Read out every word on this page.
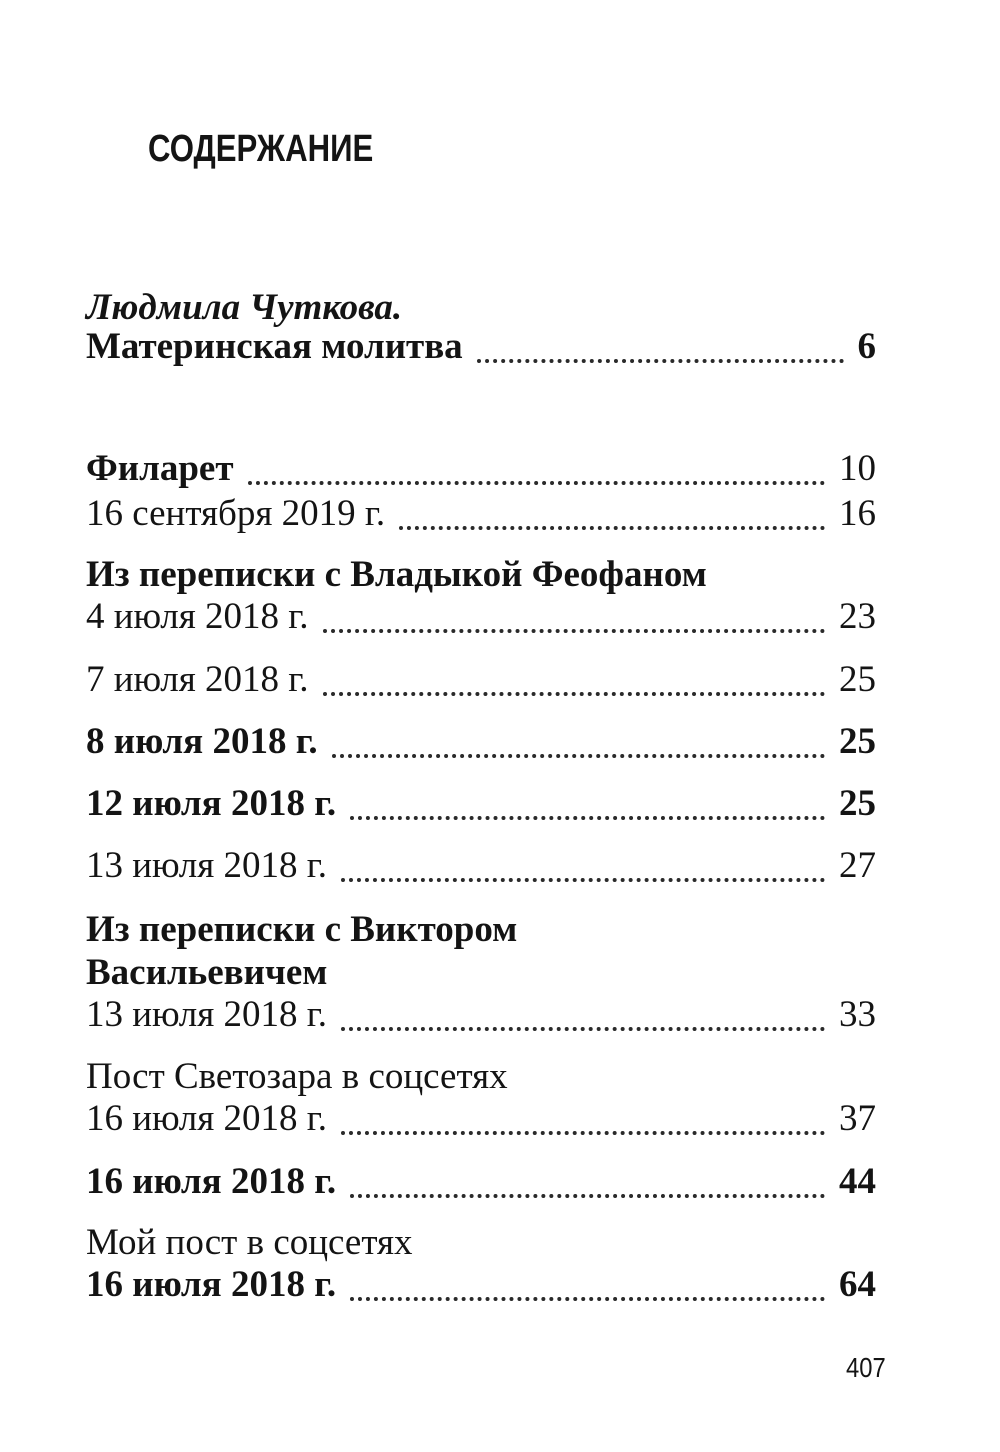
СОДЕРЖАНИЕ
Людмила Чуткова.
Материнская молитва	6
Филарет	10
16 сентября 2019 г.	16
Из переписки с Владыкой Феофаном
4 июля 2018 г.	23
7 июля 2018 г.	25
8 июля 2018 г.	25
12 июля 2018 г.	25
13 июля 2018 г.	27
Из переписки с Виктором
Васильевичем
13 июля 2018 г.	33
Пост Светозара в соцсетях
16 июля 2018 г.	37
16 июля 2018 г.	44
Мой пост в соцсетях
16 июля 2018 г.	64
407
